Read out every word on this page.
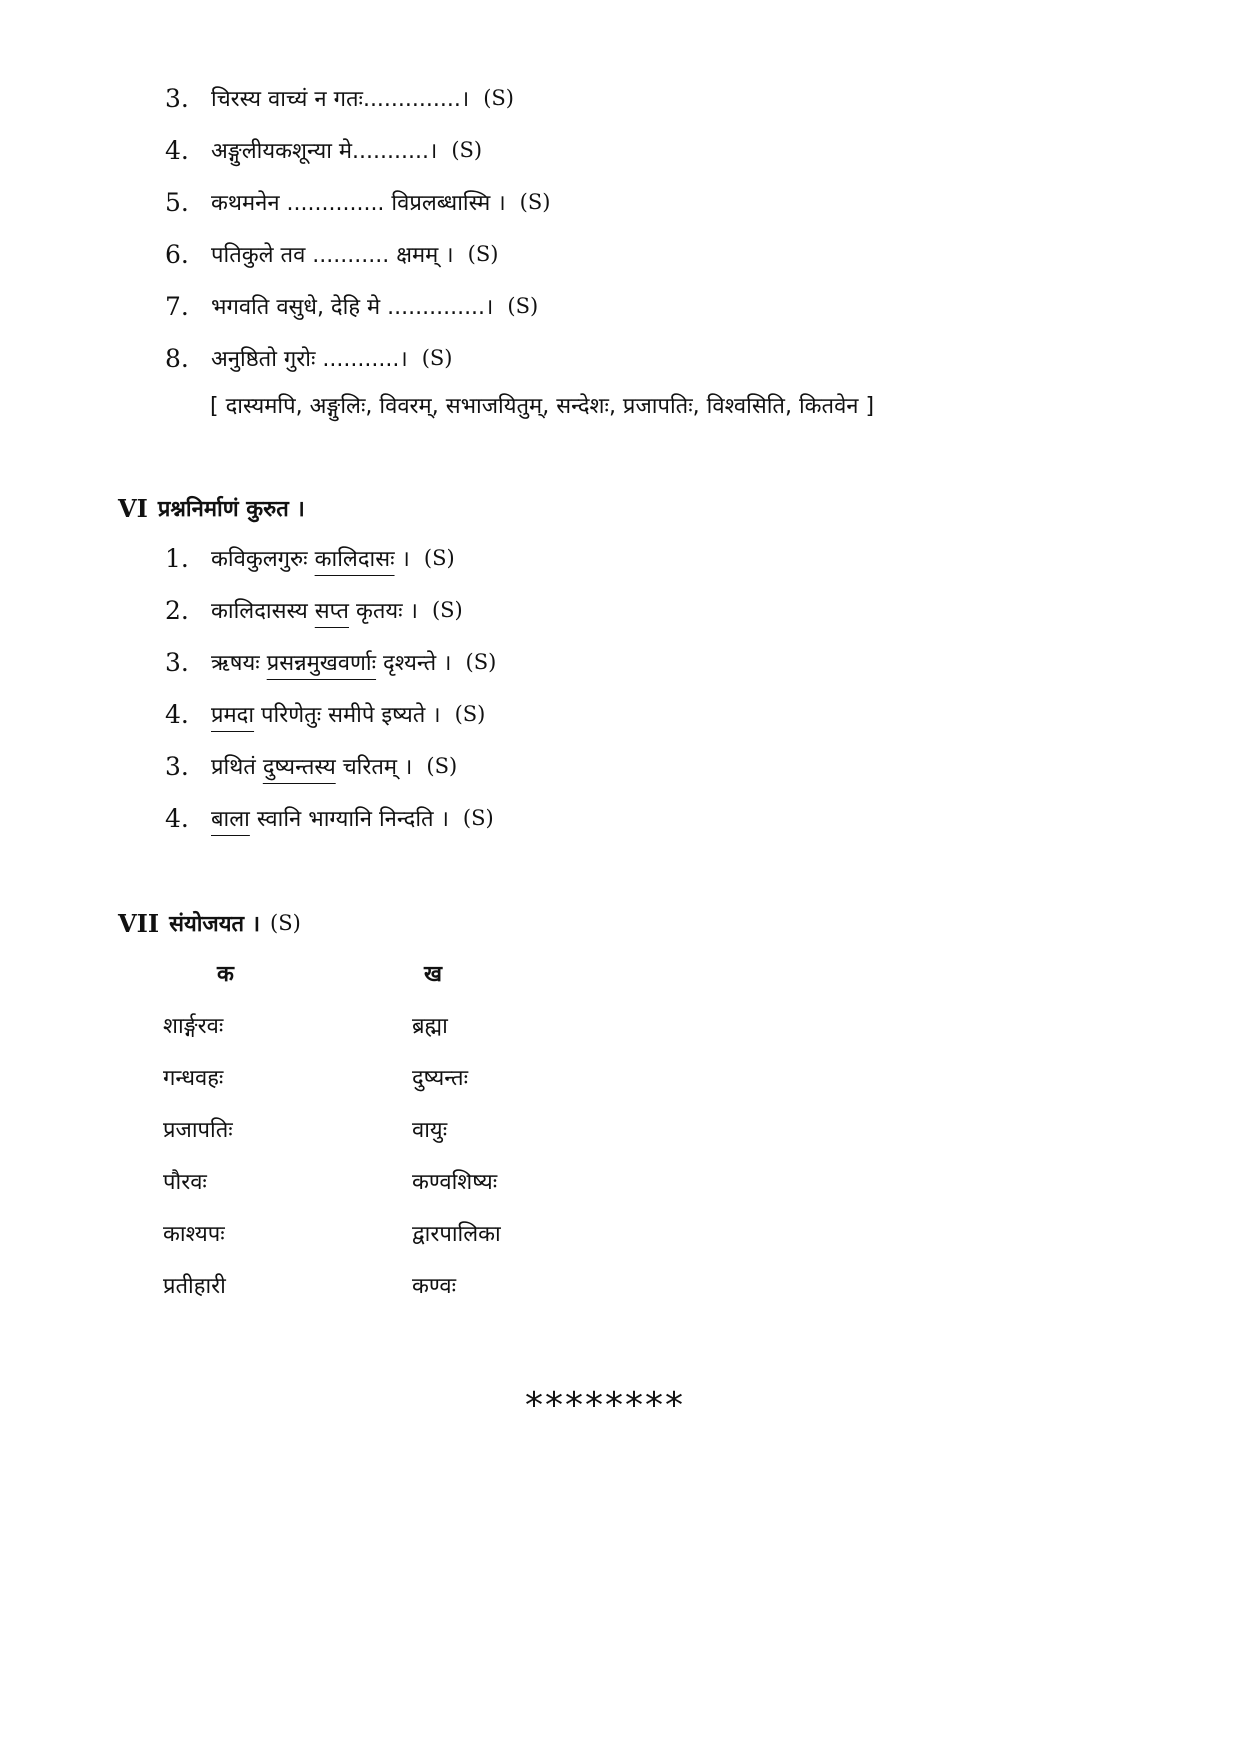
3.	चिरस्य वाच्यं न गतः..............। (S)
4.	अङ्गुलीयकशून्या मे...........। (S)
5.	कथमनेन .............. विप्रलब्धास्मि । (S)
6.	पतिकुले तव ........... क्षमम् । (S)
7.	भगवति वसुधे, देहि मे ..............। (S)
8.	अनुष्ठितो गुरोः ...........। (S)
[ दास्यमपि, अङ्गुलिः, विवरम्, सभाजयितुम्, सन्देशः, प्रजापतिः, विश्वसिति, कितवेन ]
VI प्रश्ननिर्माणं कुरुत ।
1.	कविकुलगुरुः कालिदासः । (S)
2.	कालिदासस्य सप्त कृतयः । (S)
3.	ऋषयः प्रसन्नमुखवर्णाः दृश्यन्ते । (S)
4.	प्रमदा परिणेतुः समीपे इष्यते । (S)
3.	प्रथितं दुष्यन्तस्य चरितम् । (S)
4.	बाला स्वानि भाग्यानि निन्दति । (S)
VII संयोजयत । (S)
क	ख
शार्ङ्गरवः	ब्रह्मा
गन्धवहः	दुष्यन्तः
प्रजापतिः	वायुः
पौरवः	कण्वशिष्यः
काश्यपः	द्वारपालिका
प्रतीहारी	कण्वः
********
